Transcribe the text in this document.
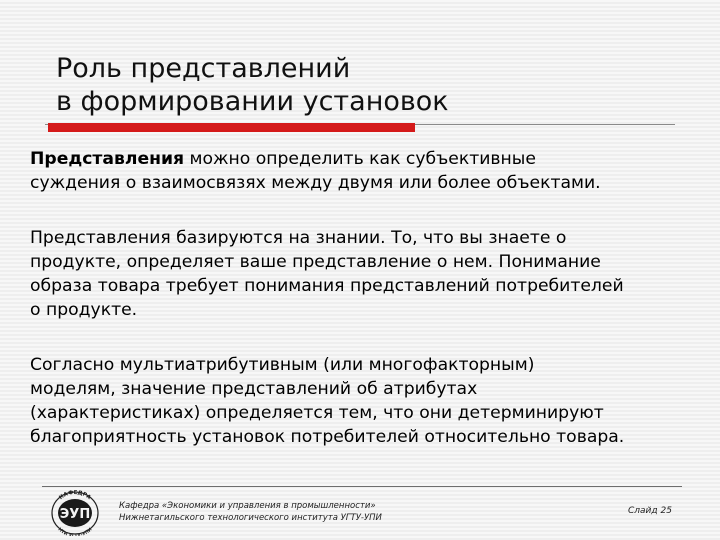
Роль представлений
в формировании установок
Представления можно определить как субъективные
суждения о взаимосвязях между двумя или более объектами.
Представления базируются на знании. То, что вы знаете о
продукте, определяет ваше представление о нем. Понимание
образа товара требует понимания представлений потребителей
о продукте.
Согласно мультиатрибутивным (или многофакторным)
моделям, значение представлений об атрибутах
(характеристиках) определяется тем, что они детерминируют
благоприятность установок потребителей относительно товара.
ЭУП
КАФЕДРА
НТИ У -УПИ
Кафедра «Экономики и управления в промышленности»
Нижнетагильского технологического института УГТУ-УПИ
Слайд 25
